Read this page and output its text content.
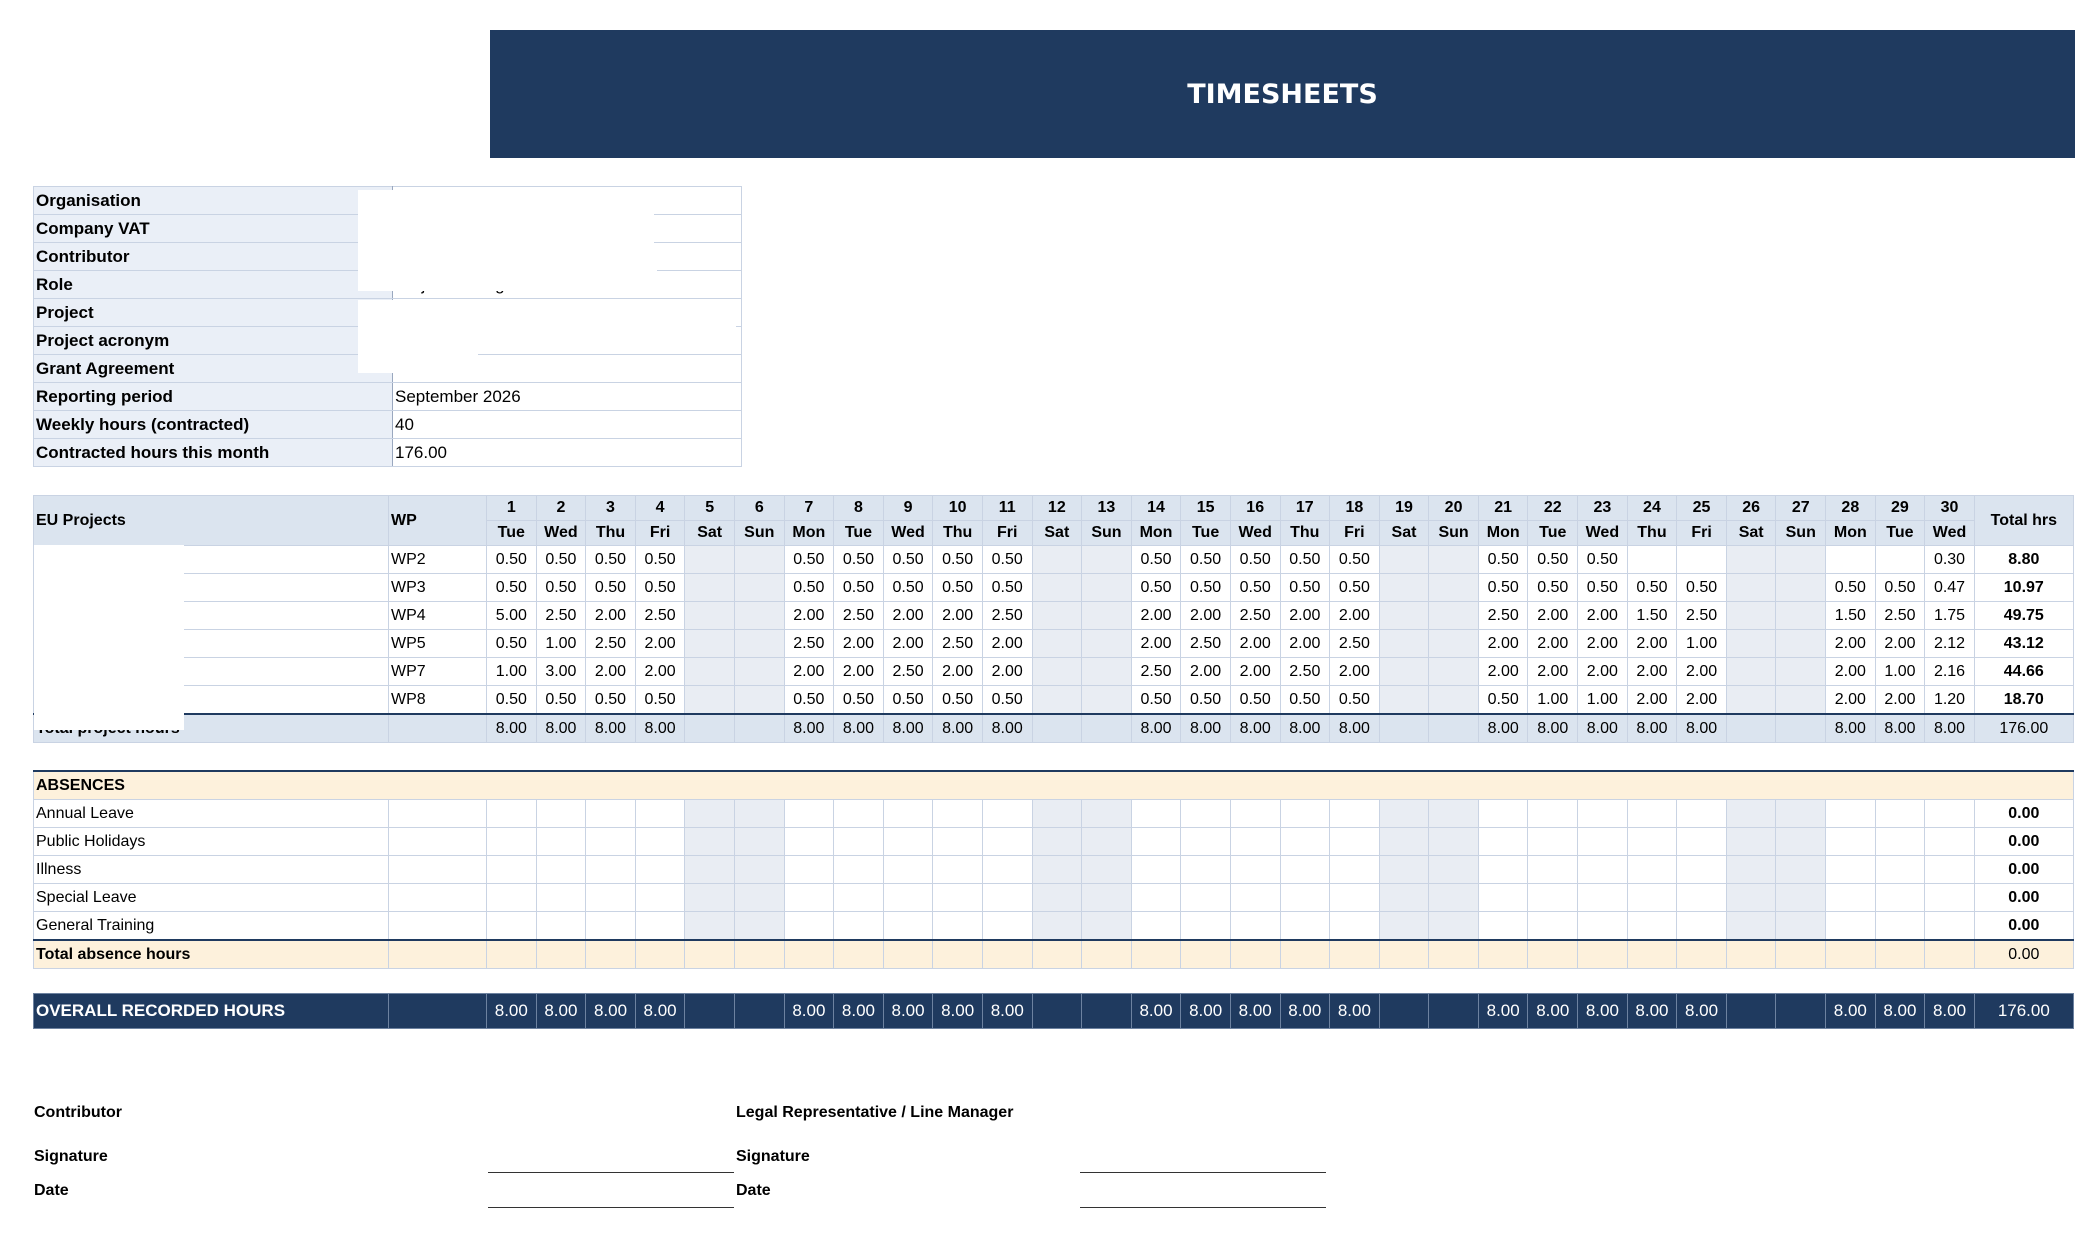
TIMESHEETS
Organisation	
Company VAT	
Contributor	
Role	
Project	
Project acronym	
Grant Agreement	
Reporting period	September 2026
Weekly hours (contracted)	40
Contracted hours this month	176.00
EU Projects	WP	1	2	3	4	5	6	7	8	9	10	11	12	13	14	15	16	17	18	19	20	21	22	23	24	25	26	27	28	29	30	Total hrs
		Tue	Wed	Thu	Fri	Sat	Sun	Mon	Tue	Wed	Thu	Fri	Sat	Sun	Mon	Tue	Wed	Thu	Fri	Sat	Sun	Mon	Tue	Wed	Thu	Fri	Sat	Sun	Mon	Tue	Wed	
	WP2	0.50	0.50	0.50	0.50			0.50	0.50	0.50	0.50	0.50			0.50	0.50	0.50	0.50	0.50			0.50	0.50	0.50							0.30	8.80
	WP3	0.50	0.50	0.50	0.50			0.50	0.50	0.50	0.50	0.50			0.50	0.50	0.50	0.50	0.50			0.50	0.50	0.50	0.50	0.50			0.50	0.50	0.47	10.97
	WP4	5.00	2.50	2.00	2.50			2.00	2.50	2.00	2.00	2.50			2.00	2.00	2.50	2.00	2.00			2.50	2.00	2.00	1.50	2.50			1.50	2.50	1.75	49.75
	WP5	0.50	1.00	2.50	2.00			2.50	2.00	2.00	2.50	2.00			2.00	2.50	2.00	2.00	2.50			2.00	2.00	2.00	2.00	1.00			2.00	2.00	2.12	43.12
	WP7	1.00	3.00	2.00	2.00			2.00	2.00	2.50	2.00	2.00			2.50	2.00	2.00	2.50	2.00			2.00	2.00	2.00	2.00	2.00			2.00	1.00	2.16	44.66
	WP8	0.50	0.50	0.50	0.50			0.50	0.50	0.50	0.50	0.50			0.50	0.50	0.50	0.50	0.50			0.50	1.00	1.00	2.00	2.00			2.00	2.00	1.20	18.70
		8.00	8.00	8.00	8.00			8.00	8.00	8.00	8.00	8.00			8.00	8.00	8.00	8.00	8.00			8.00	8.00	8.00	8.00	8.00			8.00	8.00	8.00	176.00
ABSENCES																																
Annual Leave																																0.00
Public Holidays																																0.00
Illness																																0.00
Special Leave																																0.00
General Training																																0.00
Total absence hours																																0.00
OVERALL RECORDED HOURS		8.00	8.00	8.00	8.00			8.00	8.00	8.00	8.00	8.00			8.00	8.00	8.00	8.00	8.00			8.00	8.00	8.00	8.00	8.00			8.00	8.00	8.00	176.00
Contributor	Legal Representative / Line Manager
Signature	Signature
Date	Date
